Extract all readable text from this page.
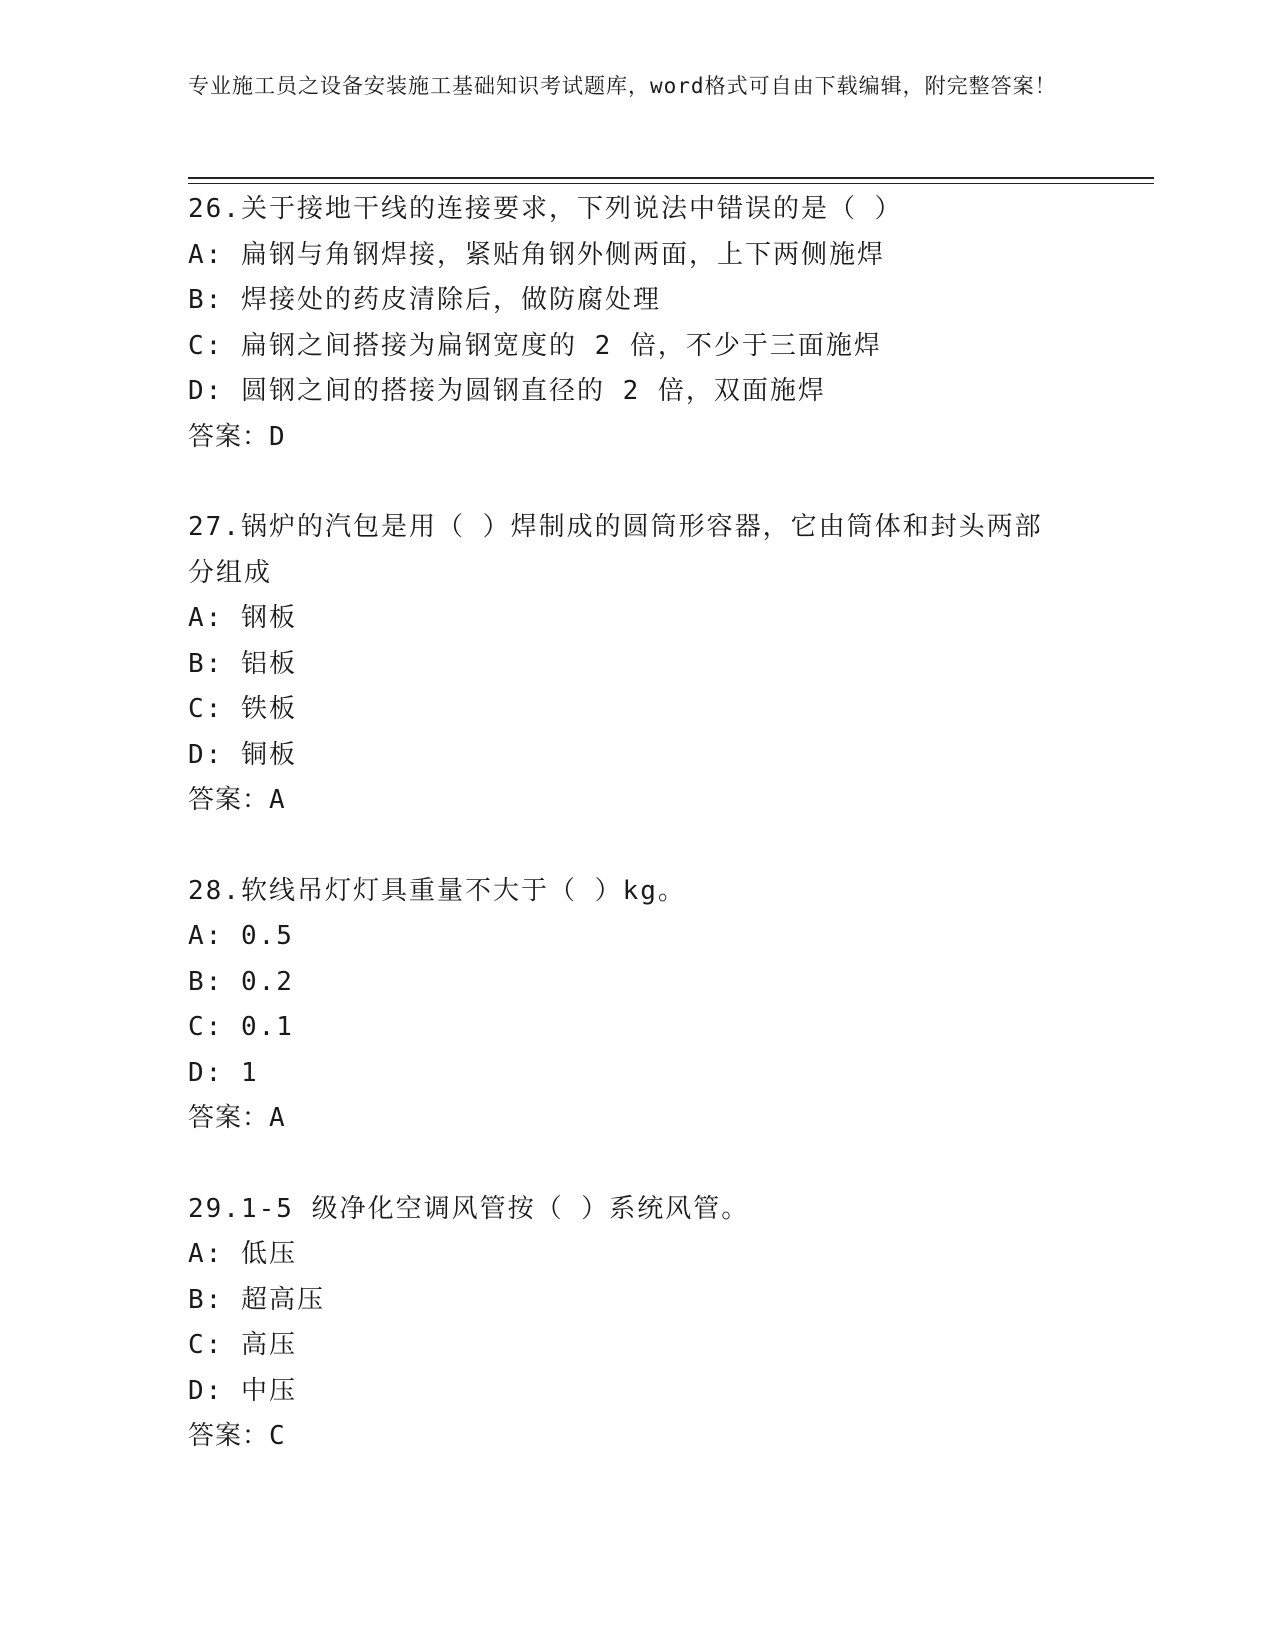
专业施工员之设备安装施工基础知识考试题库，word格式可自由下载编辑，附完整答案！
26.关于接地干线的连接要求，下列说法中错误的是（ ）
A: 扁钢与角钢焊接，紧贴角钢外侧两面，上下两侧施焊
B: 焊接处的药皮清除后，做防腐处理
C: 扁钢之间搭接为扁钢宽度的 2 倍，不少于三面施焊
D: 圆钢之间的搭接为圆钢直径的 2 倍，双面施焊
答案：D
27.锅炉的汽包是用（ ）焊制成的圆筒形容器，它由筒体和封头两部分组成
A: 钢板
B: 铝板
C: 铁板
D: 铜板
答案：A
28.软线吊灯灯具重量不大于（ ）kg。
A: 0.5
B: 0.2
C: 0.1
D: 1
答案：A
29.1-5 级净化空调风管按（ ）系统风管。
A: 低压
B: 超高压
C: 高压
D: 中压
答案：C
